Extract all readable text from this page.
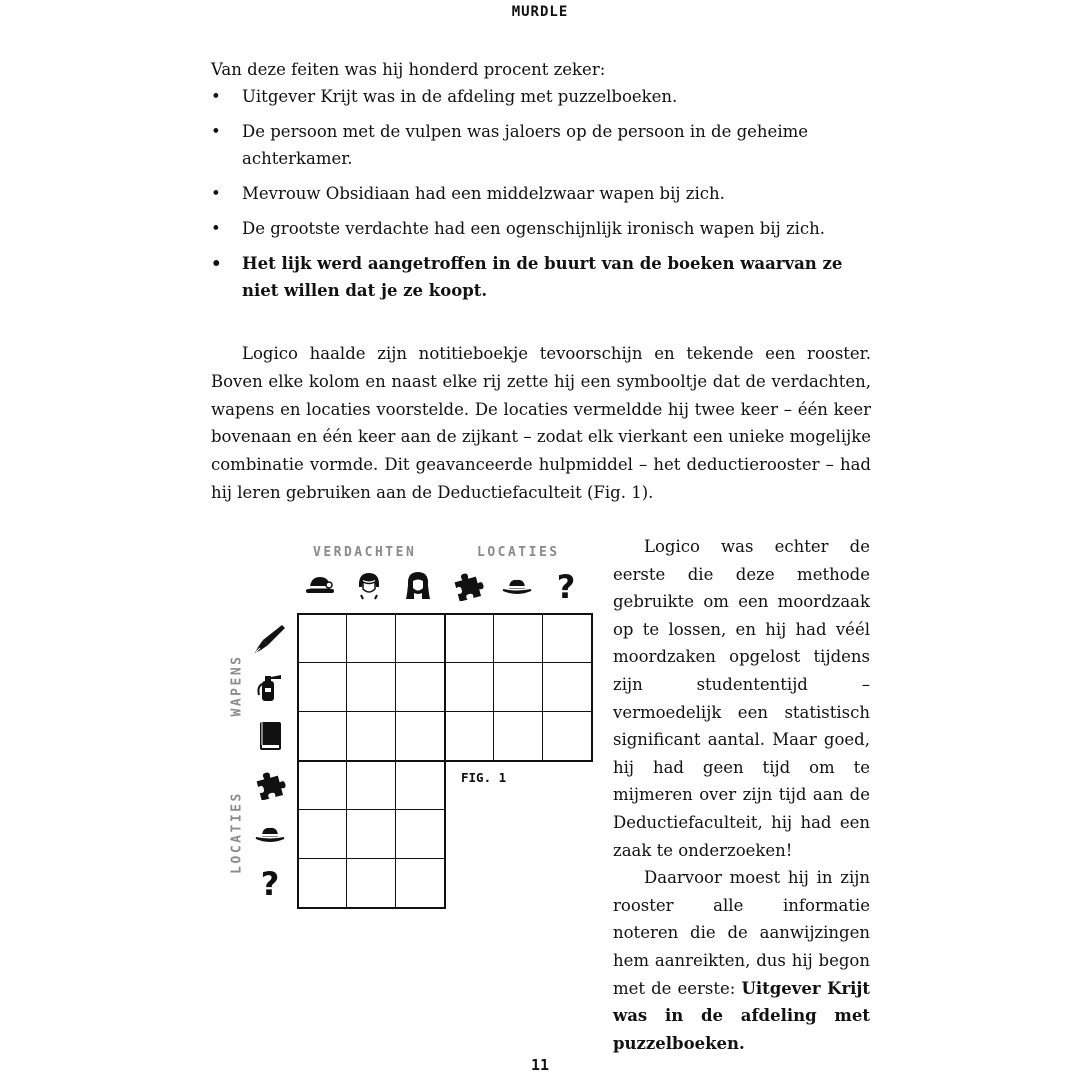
MURDLE

Van deze feiten was hij honderd procent zeker:

• Uitgever Krijt was in de afdeling met puzzelboeken.
• De persoon met de vulpen was jaloers op de persoon in de geheime achterkamer.
• Mevrouw Obsidiaan had een middelzwaar wapen bij zich.
• De grootste verdachte had een ogenschijnlijk ironisch wapen bij zich.
• Het lijk werd aangetroffen in de buurt van de boeken waarvan ze niet willen dat je ze koopt.

Logico haalde zijn notitieboekje tevoorschijn en tekende een rooster. Boven elke kolom en naast elke rij zette hij een symbooltje dat de verdachten, wapens en locaties voorstelde. De locaties vermeldde hij twee keer – één keer bovenaan en één keer aan de zijkant – zodat elk vierkant een unieke mogelijke combinatie vormde. Dit geavanceerde hulpmiddel – het deductierooster – had hij leren gebruiken aan de Deductiefaculteit (Fig. 1).

VERDACHTEN	LOCATIES
WAPENS
LOCATIES
?
?
FIG. 1

Logico was echter de eerste die deze methode gebruikte om een moordzaak op te lossen, en hij had véél moordzaken opgelost tijdens zijn studententijd – vermoedelijk een statistisch significant aantal. Maar goed, hij had geen tijd om te mijmeren over zijn tijd aan de Deductiefaculteit, hij had een zaak te onderzoeken!

Daarvoor moest hij in zijn rooster alle informatie noteren die de aanwijzingen hem aanreikten, dus hij begon met de eerste: Uitgever Krijt was in de afdeling met puzzelboeken.

11
